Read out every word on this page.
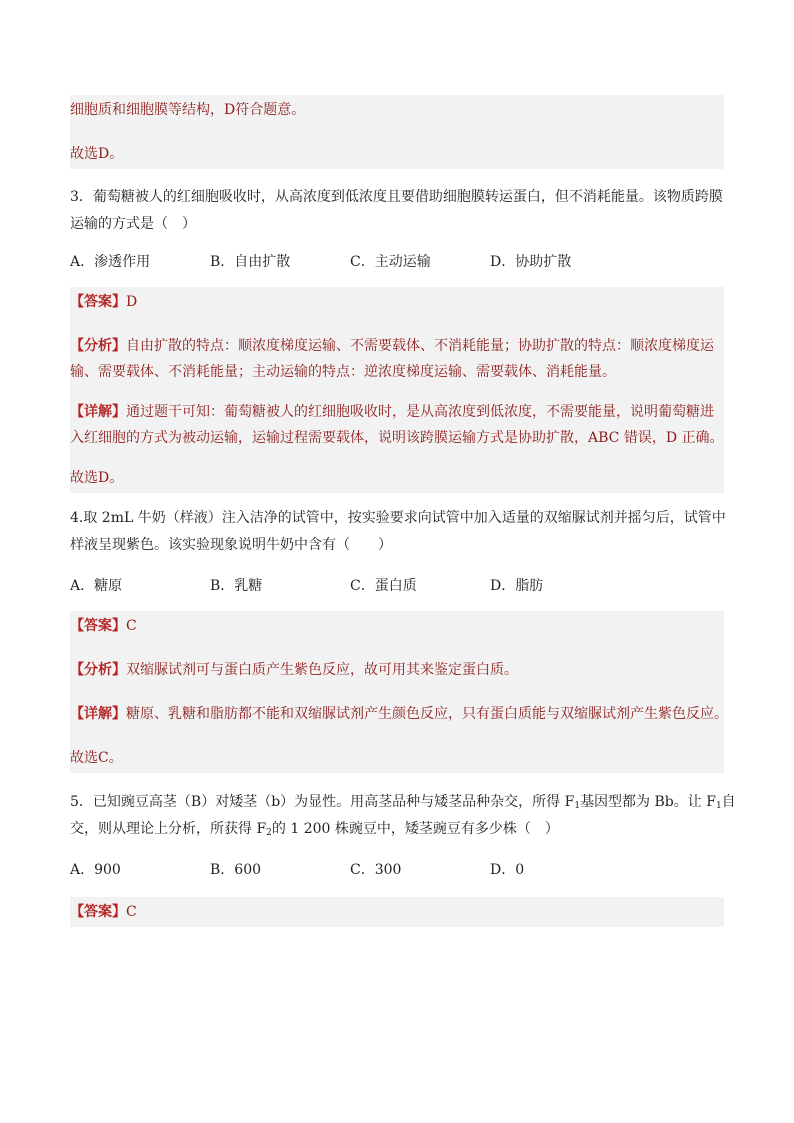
细胞质和细胞膜等结构，D符合题意。
故选D。
3．葡萄糖被人的红细胞吸收时，从高浓度到低浓度且要借助细胞膜转运蛋白，但不消耗能量。该物质跨膜
运输的方式是（　）
A．渗透作用	B．自由扩散	C．主动运输	D．协助扩散
【答案】D
【分析】自由扩散的特点：顺浓度梯度运输、不需要载体、不消耗能量；协助扩散的特点：顺浓度梯度运
输、需要载体、不消耗能量；主动运输的特点：逆浓度梯度运输、需要载体、消耗能量。
【详解】通过题干可知：葡萄糖被人的红细胞吸收时，是从高浓度到低浓度，不需要能量，说明葡萄糖进
入红细胞的方式为被动运输，运输过程需要载体，说明该跨膜运输方式是协助扩散，ABC 错误，D 正确。
故选D。
4.取 2mL 牛奶（样液）注入洁净的试管中，按实验要求向试管中加入适量的双缩脲试剂并摇匀后，试管中
样液呈现紫色。该实验现象说明牛奶中含有（　　）
A．糖原	B．乳糖	C．蛋白质	D．脂肪
【答案】C
【分析】双缩脲试剂可与蛋白质产生紫色反应，故可用其来鉴定蛋白质。
【详解】糖原、乳糖和脂肪都不能和双缩脲试剂产生颜色反应，只有蛋白质能与双缩脲试剂产生紫色反应。
故选C。
5．已知豌豆高茎（B）对矮茎（b）为显性。用高茎品种与矮茎品种杂交，所得 $F_1$基因型都为 Bb。让 $F_1$自
交，则从理论上分析，所获得 $F_2$的 1 200 株豌豆中，矮茎豌豆有多少株（　）
A．900	B．600	C．300	D．0
【答案】C
